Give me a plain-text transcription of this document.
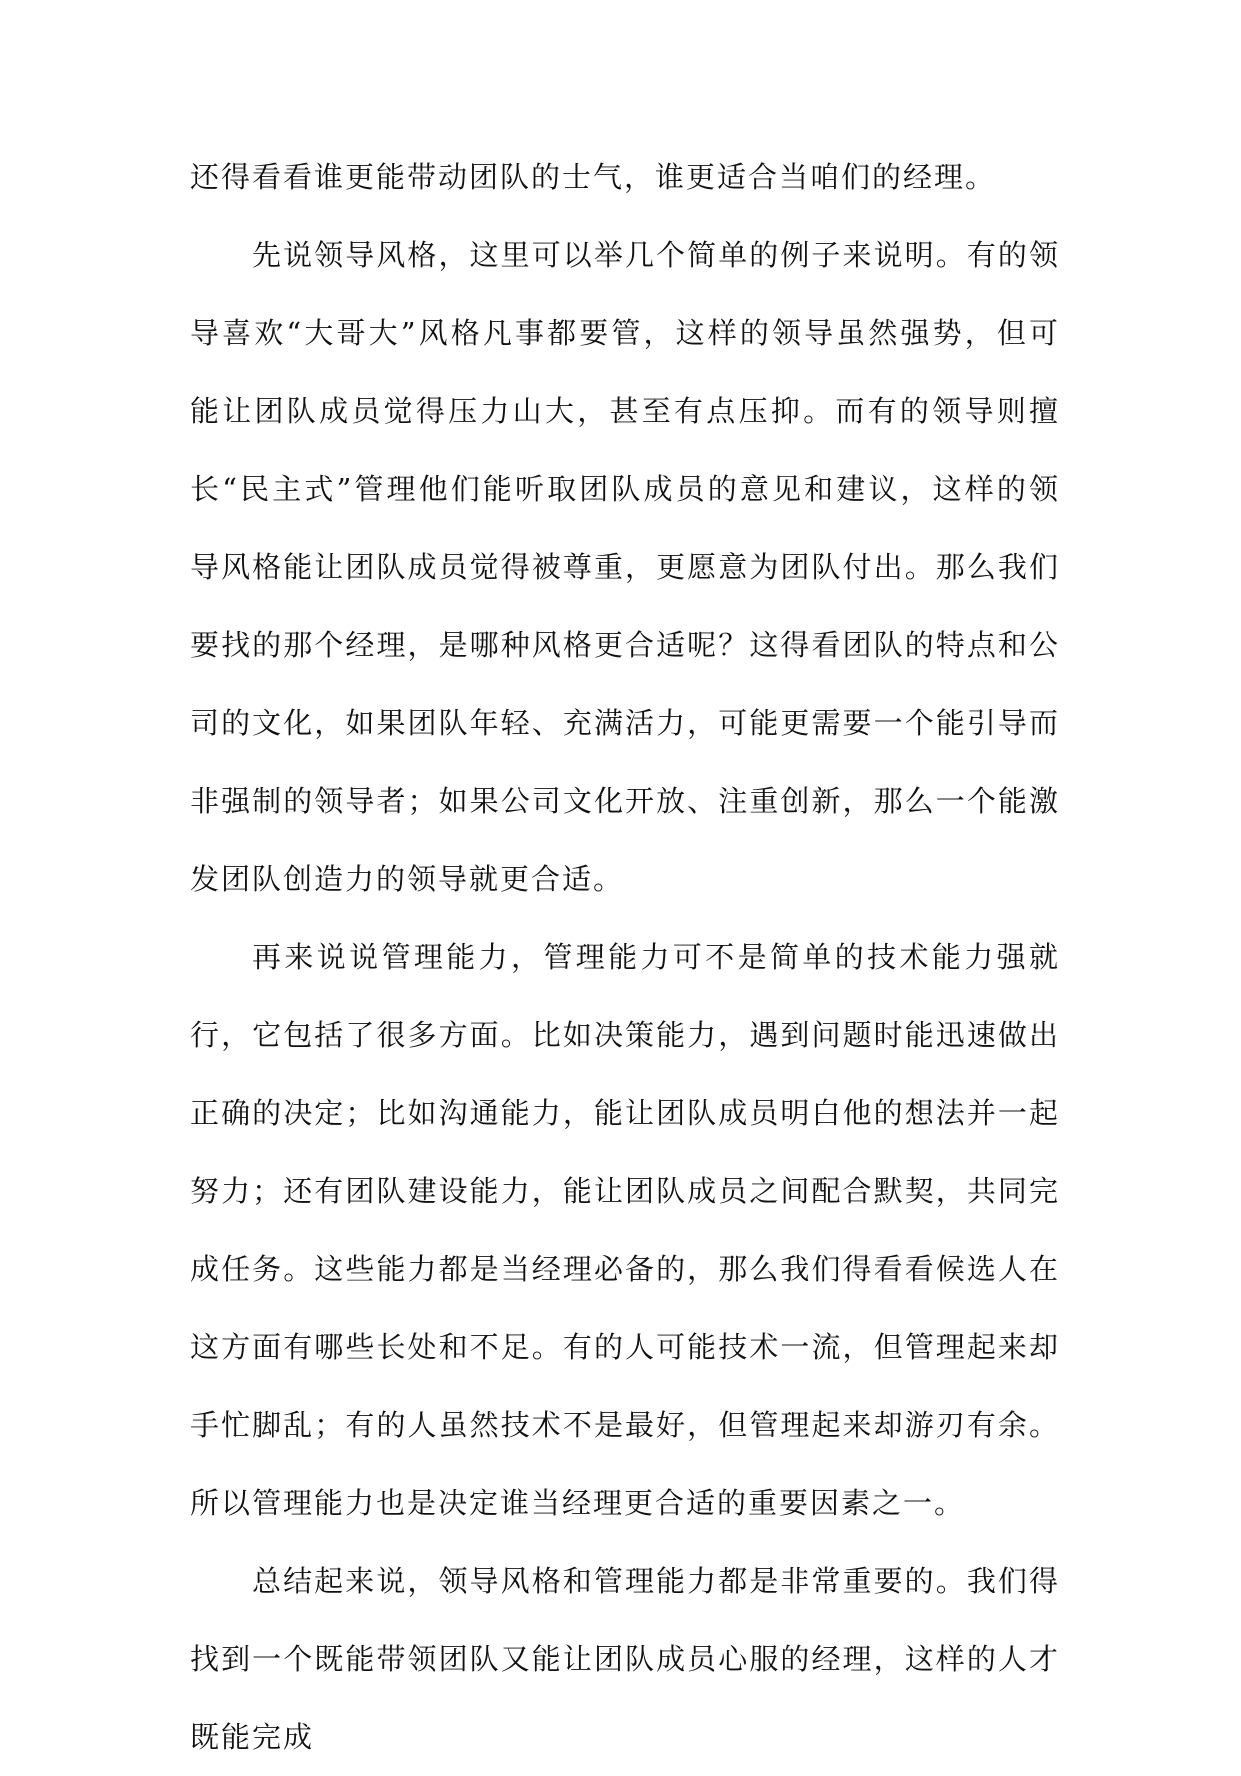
还得看看谁更能带动团队的士气，谁更适合当咱们的经理。

先说领导风格，这里可以举几个简单的例子来说明。有的领导喜欢“大哥大”风格凡事都要管，这样的领导虽然强势，但可能让团队成员觉得压力山大，甚至有点压抑。而有的领导则擅长“民主式”管理他们能听取团队成员的意见和建议，这样的领导风格能让团队成员觉得被尊重，更愿意为团队付出。那么我们要找的那个经理，是哪种风格更合适呢？这得看团队的特点和公司的文化，如果团队年轻、充满活力，可能更需要一个能引导而非强制的领导者；如果公司文化开放、注重创新，那么一个能激发团队创造力的领导就更合适。

再来说说管理能力，管理能力可不是简单的技术能力强就行，它包括了很多方面。比如决策能力，遇到问题时能迅速做出正确的决定；比如沟通能力，能让团队成员明白他的想法并一起努力；还有团队建设能力，能让团队成员之间配合默契，共同完成任务。这些能力都是当经理必备的，那么我们得看看候选人在这方面有哪些长处和不足。有的人可能技术一流，但管理起来却手忙脚乱；有的人虽然技术不是最好，但管理起来却游刃有余。所以管理能力也是决定谁当经理更合适的重要因素之一。

总结起来说，领导风格和管理能力都是非常重要的。我们得找到一个既能带领团队又能让团队成员心服的经理，这样的人才既能完成
